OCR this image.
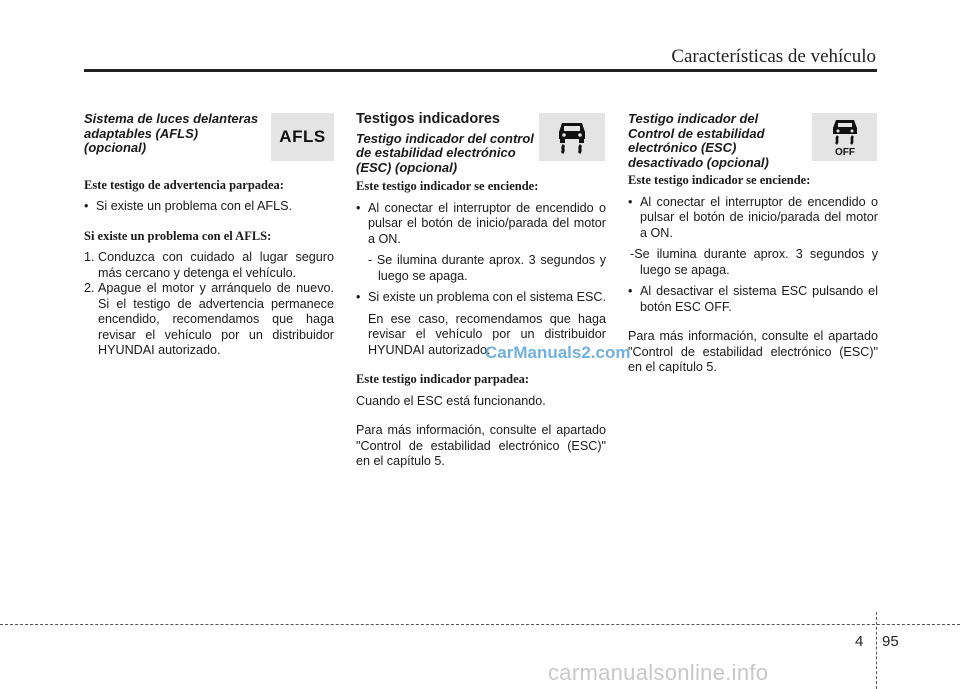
Características de vehículo

Sistema de luces delanteras adaptables (AFLS) (opcional)

Este testigo de advertencia parpadea:

• Si existe un problema con el AFLS.

Si existe un problema con el AFLS:

1. Conduzca con cuidado al lugar seguro más cercano y detenga el vehículo.
2. Apague el motor y arránquelo de nuevo. Si el testigo de advertencia permanece encendido, recomendamos que haga revisar el vehículo por un distribuidor HYUNDAI autorizado.
AFLS

Testigos indicadores

Testigo indicador del control de estabilidad electrónico (ESC) (opcional)

Este testigo indicador se enciende:

• Al conectar el interruptor de encendido o pulsar el botón de inicio/parada del motor a ON.

- Se ilumina durante aprox. 3 segundos y luego se apaga.

• Si existe un problema con el sistema ESC.

En ese caso, recomendamos que haga revisar el vehículo por un distribuidor HYUNDAI autorizado.

Este testigo indicador parpadea:

Cuando el ESC está funcionando.

Para más información, consulte el apartado "Control de estabilidad electrónico (ESC)" en el capítulo 5.

Testigo indicador del Control de estabilidad electrónico (ESC) desactivado (opcional)

Este testigo indicador se enciende:

• Al conectar el interruptor de encendido o pulsar el botón de inicio/parada del motor a ON.

-Se ilumina durante aprox. 3 segundos y luego se apaga.

• Al desactivar el sistema ESC pulsando el botón ESC OFF.

Para más información, consulte el apartado "Control de estabilidad electrónico (ESC)" en el capítulo 5.

OFF
CarManuals2.com
4 95
carmanualsonline.info
